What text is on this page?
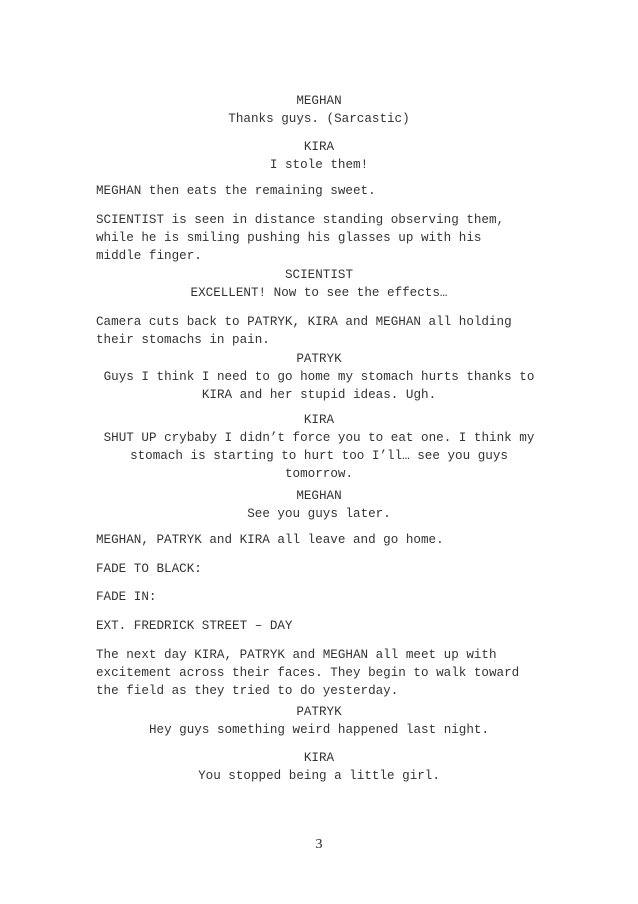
MEGHAN
Thanks guys. (Sarcastic)
KIRA
I stole them!
MEGHAN then eats the remaining sweet.
SCIENTIST is seen in distance standing observing them,
while he is smiling pushing his glasses up with his
middle finger.
SCIENTIST
EXCELLENT! Now to see the effects…
Camera cuts back to PATRYK, KIRA and MEGHAN all holding
their stomachs in pain.
PATRYK
Guys I think I need to go home my stomach hurts thanks to
KIRA and her stupid ideas. Ugh.
KIRA
SHUT UP crybaby I didn’t force you to eat one. I think my
stomach is starting to hurt too I’ll… see you guys
tomorrow.
MEGHAN
See you guys later.
MEGHAN, PATRYK and KIRA all leave and go home.
FADE TO BLACK:
FADE IN:
EXT. FREDRICK STREET – DAY
The next day KIRA, PATRYK and MEGHAN all meet up with
excitement across their faces. They begin to walk toward
the field as they tried to do yesterday.
PATRYK
Hey guys something weird happened last night.
KIRA
You stopped being a little girl.
3
